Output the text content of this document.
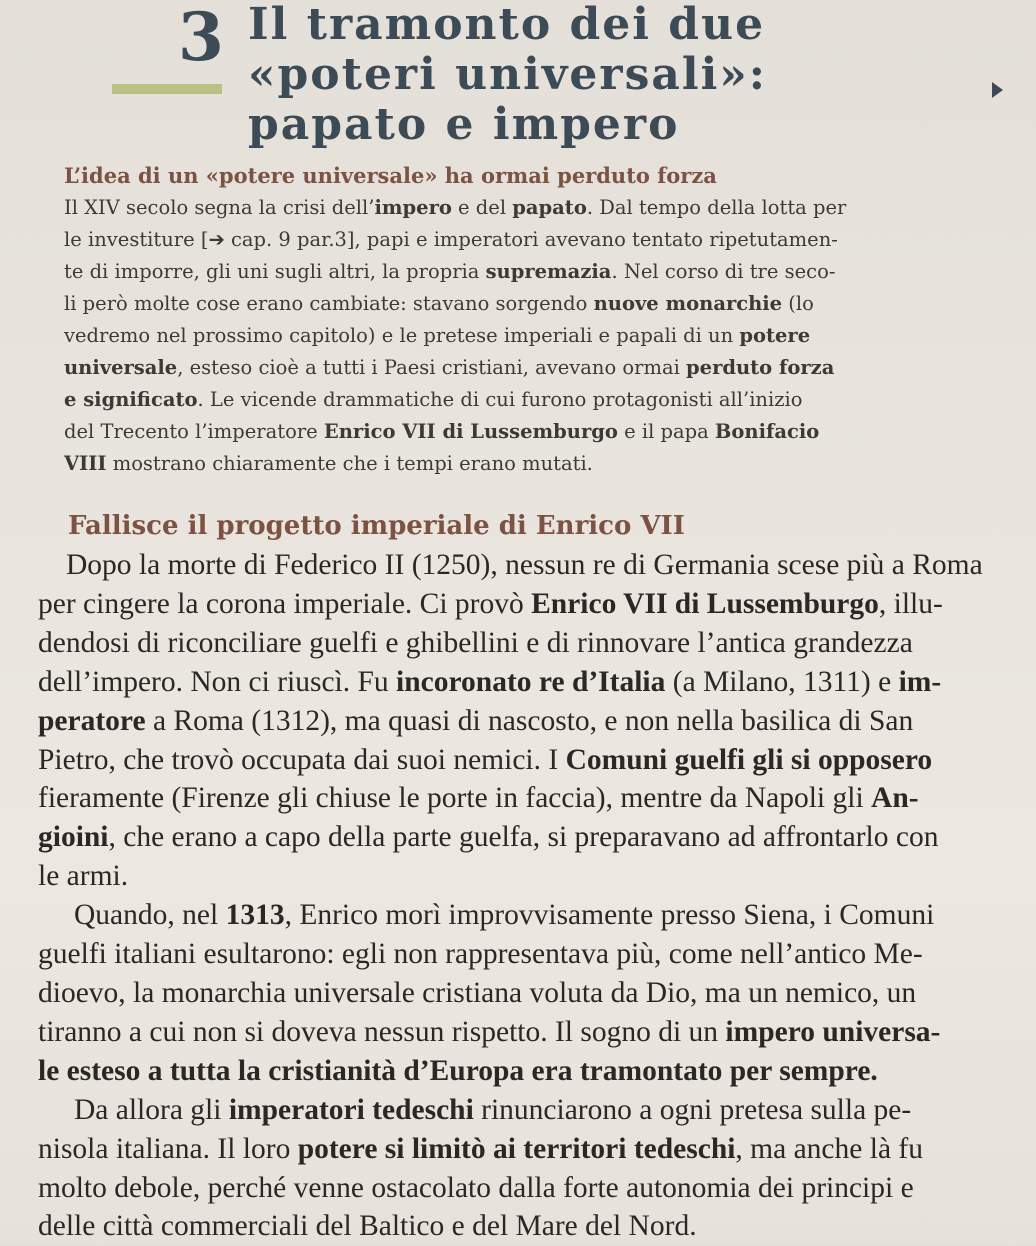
3 Il tramonto dei due
«poteri universali»:
papato e impero
L’idea di un «potere universale» ha ormai perduto forza
Il XIV secolo segna la crisi dell’impero e del papato. Dal tempo della lotta per
le investiture [➔ cap. 9 par.3], papi e imperatori avevano tentato ripetutamen-
te di imporre, gli uni sugli altri, la propria supremazia. Nel corso di tre seco-
li però molte cose erano cambiate: stavano sorgendo nuove monarchie (lo
vedremo nel prossimo capitolo) e le pretese imperiali e papali di un potere
universale, esteso cioè a tutti i Paesi cristiani, avevano ormai perduto forza
e significato. Le vicende drammatiche di cui furono protagonisti all’inizio
del Trecento l’imperatore Enrico VII di Lussemburgo e il papa Bonifacio
VIII mostrano chiaramente che i tempi erano mutati.
Fallisce il progetto imperiale di Enrico VII
Dopo la morte di Federico II (1250), nessun re di Germania scese più a Roma
per cingere la corona imperiale. Ci provò Enrico VII di Lussemburgo, illu-
dendosi di riconciliare guelfi e ghibellini e di rinnovare l’antica grandezza
dell’impero. Non ci riuscì. Fu incoronato re d’Italia (a Milano, 1311) e im-
peratore a Roma (1312), ma quasi di nascosto, e non nella basilica di San
Pietro, che trovò occupata dai suoi nemici. I Comuni guelfi gli si opposero
fieramente (Firenze gli chiuse le porte in faccia), mentre da Napoli gli An-
gioini, che erano a capo della parte guelfa, si preparavano ad affrontarlo con
le armi.
Quando, nel 1313, Enrico morì improvvisamente presso Siena, i Comuni
guelfi italiani esultarono: egli non rappresentava più, come nell’antico Me-
dioevo, la monarchia universale cristiana voluta da Dio, ma un nemico, un
tiranno a cui non si doveva nessun rispetto. Il sogno di un impero universa-
le esteso a tutta la cristianità d’Europa era tramontato per sempre.
Da allora gli imperatori tedeschi rinunciarono a ogni pretesa sulla pe-
nisola italiana. Il loro potere si limitò ai territori tedeschi, ma anche là fu
molto debole, perché venne ostacolato dalla forte autonomia dei principi e
delle città commerciali del Baltico e del Mare del Nord.
